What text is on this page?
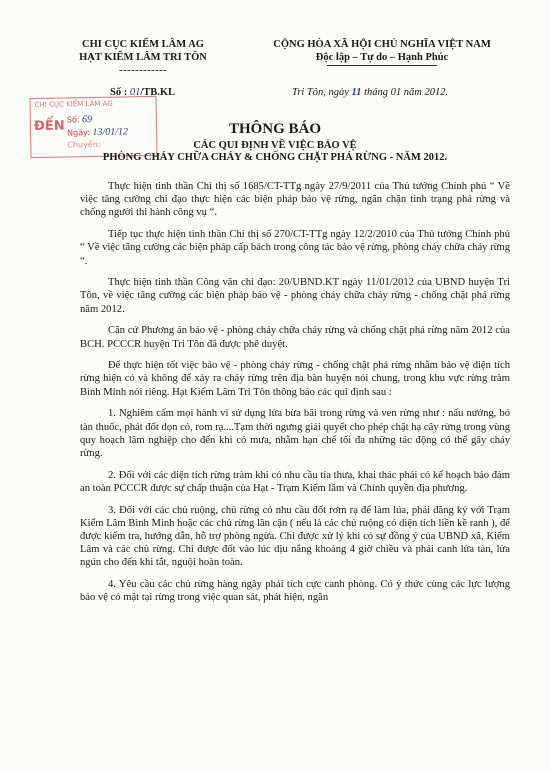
CHI CỤC KIỂM LÂM AG
HẠT KIỂM LÂM TRI TÔN
------------
CỘNG HÒA XÃ HỘI CHỦ NGHĨA VIỆT NAM
Độc lập – Tự do – Hạnh Phúc
Số : 01/TB.KL	Tri Tôn, ngày 11 tháng 01 năm 2012.
CHI CỤC KIỂM LÂM AG
ĐẾN Số: 69
Ngày: 13/01/12
Chuyển:
THÔNG BÁO
CÁC QUI ĐỊNH VỀ VIỆC BẢO VỆ
PHÒNG CHÁY CHỮA CHÁY & CHỐNG CHẶT PHÁ RỪNG - NĂM 2012.

Thực hiện tinh thần Chỉ thị số 1685/CT-TTg ngày 27/9/2011 của Thủ tướng Chính phủ “ Về việc tăng cường chỉ đạo thực hiện các biện pháp bảo vệ rừng, ngăn chặn tình trạng phá rừng và chống người thi hành công vụ “.

Tiếp tục thực hiện tinh thần Chỉ thị số 270/CT-TTg ngày 12/2/2010 của Thủ tướng Chính phủ “ Về việc tăng cường các biện pháp cấp bách trong công tác bảo vệ rừng, phòng cháy chữa cháy rừng “.

Thực hiện tinh thần Công văn chỉ đạo: 20/UBND.KT ngày 11/01/2012 của UBND huyện Tri Tôn, về việc tăng cường các biện pháp bảo vệ - phòng cháy chữa cháy rừng - chống chặt phá rừng năm 2012.

Căn cứ Phương án bảo vệ - phòng cháy chữa cháy rừng và chống chặt phá rừng năm 2012 của BCH. PCCCR huyện Tri Tôn đã được phê duyệt.

Để thực hiện tốt việc bảo vệ - phòng cháy rừng - chống chặt phá rừng nhằm bảo vệ diện tích rừng hiện có và không để xảy ra cháy rừng trên địa bàn huyện nói chung, trong khu vực rừng tràm Bình Minh nói riêng. Hạt Kiểm Lâm Tri Tôn thông báo các qui định sau :

1. Nghiêm cấm mọi hành vi sử dụng lửa bừa bãi trong rừng và ven rừng như : nấu nướng, bỏ tàn thuốc, phát đốt dọn cỏ, rom rạ....Tạm thời ngưng giải quyết cho phép chặt hạ cây rừng trong vùng quy hoạch lâm nghiệp cho đến khi có mưa, nhằm hạn chế tối đa những tác động có thể gây cháy rừng.

2. Đối với các diện tích rừng tràm khi có nhu cầu tỉa thưa, khai thác phải có kế hoạch bảo đảm an toàn PCCCR được sự chấp thuận của Hạt - Trạm Kiểm lâm và Chính quyền địa phương.

3. Đối với các chủ ruộng, chủ rừng có nhu cầu đốt rơm rạ để làm lúa, phải đăng ký với Trạm Kiểm Lâm Bình Minh hoặc các chủ rừng lân cận ( nếu là các chủ ruộng có diện tích liền kề ranh ), để được kiểm tra, hướng dẫn, hỗ trợ phòng ngừa. Chỉ được xử lý khi có sự đồng ý của UBND xã, Kiểm Lâm và các chủ rừng. Chỉ được đốt vào lúc dịu nắng khoảng 4 giờ chiều và phải canh lửa tàn, lửa ngún cho đến khi tắt, nguội hoàn toàn.

4. Yêu cầu các chủ rừng hàng ngày phải tích cực canh phòng. Có ý thức cùng các lực lượng bảo vệ có mặt tại rừng trong việc quan sát, phát hiện, ngăn
